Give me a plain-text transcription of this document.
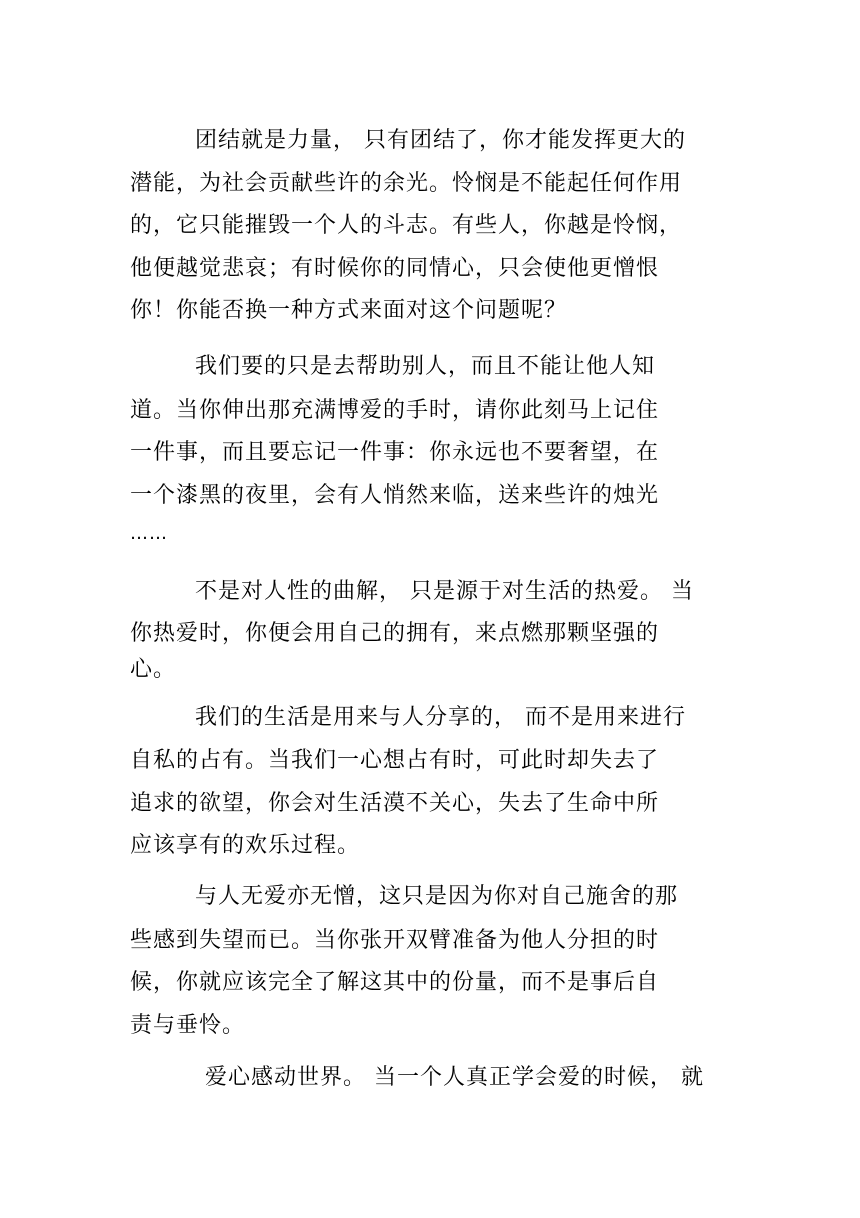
团结就是力量， 只有团结了，你才能发挥更大的
潜能，为社会贡献些许的余光。怜悯是不能起任何作用
的，它只能摧毁一个人的斗志。有些人，你越是怜悯，
他便越觉悲哀；有时候你的同情心，只会使他更憎恨
你！你能否换一种方式来面对这个问题呢？
我们要的只是去帮助别人，而且不能让他人知
道。当你伸出那充满博爱的手时，请你此刻马上记住
一件事，而且要忘记一件事：你永远也不要奢望，在
一个漆黑的夜里，会有人悄然来临，送来些许的烛光
……
不是对人性的曲解， 只是源于对生活的热爱。 当
你热爱时，你便会用自己的拥有，来点燃那颗坚强的
心。
我们的生活是用来与人分享的， 而不是用来进行
自私的占有。当我们一心想占有时，可此时却失去了
追求的欲望，你会对生活漠不关心，失去了生命中所
应该享有的欢乐过程。
与人无爱亦无憎，这只是因为你对自己施舍的那
些感到失望而已。当你张开双臂准备为他人分担的时
候，你就应该完全了解这其中的份量，而不是事后自
责与垂怜。
爱心感动世界。 当一个人真正学会爱的时候， 就
